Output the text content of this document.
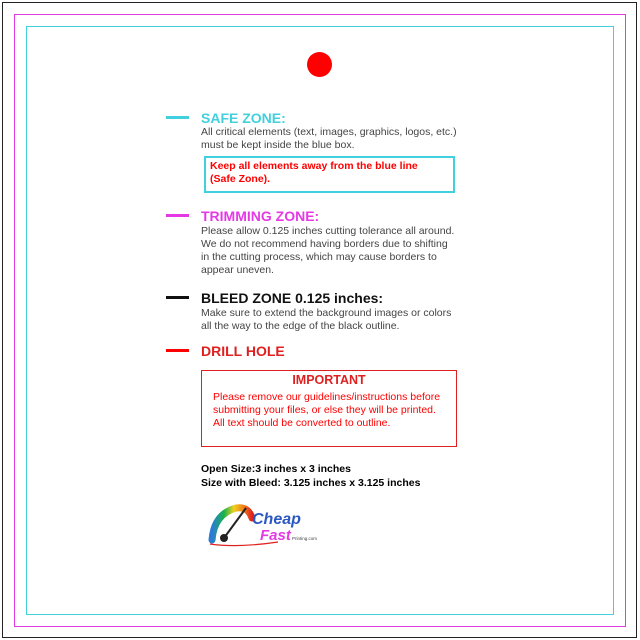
SAFE ZONE:
All critical elements (text, images, graphics, logos, etc.)
must be kept inside the blue box.
Keep all elements away from the blue line
(Safe Zone).
TRIMMING ZONE:
Please allow 0.125 inches cutting tolerance all around.
We do not recommend having borders due to shifting
in the cutting process, which may cause borders to
appear uneven.
BLEED ZONE 0.125 inches:
Make sure to extend the background images or colors
all the way to the edge of the black outline.
DRILL HOLE
IMPORTANT
Please remove our guidelines/instructions before
submitting your files, or else they will be printed.
All text should be converted to outline.
Open Size:3 inches x 3 inches
Size with Bleed: 3.125 inches x 3.125 inches
Cheap
Fast Printing.com
